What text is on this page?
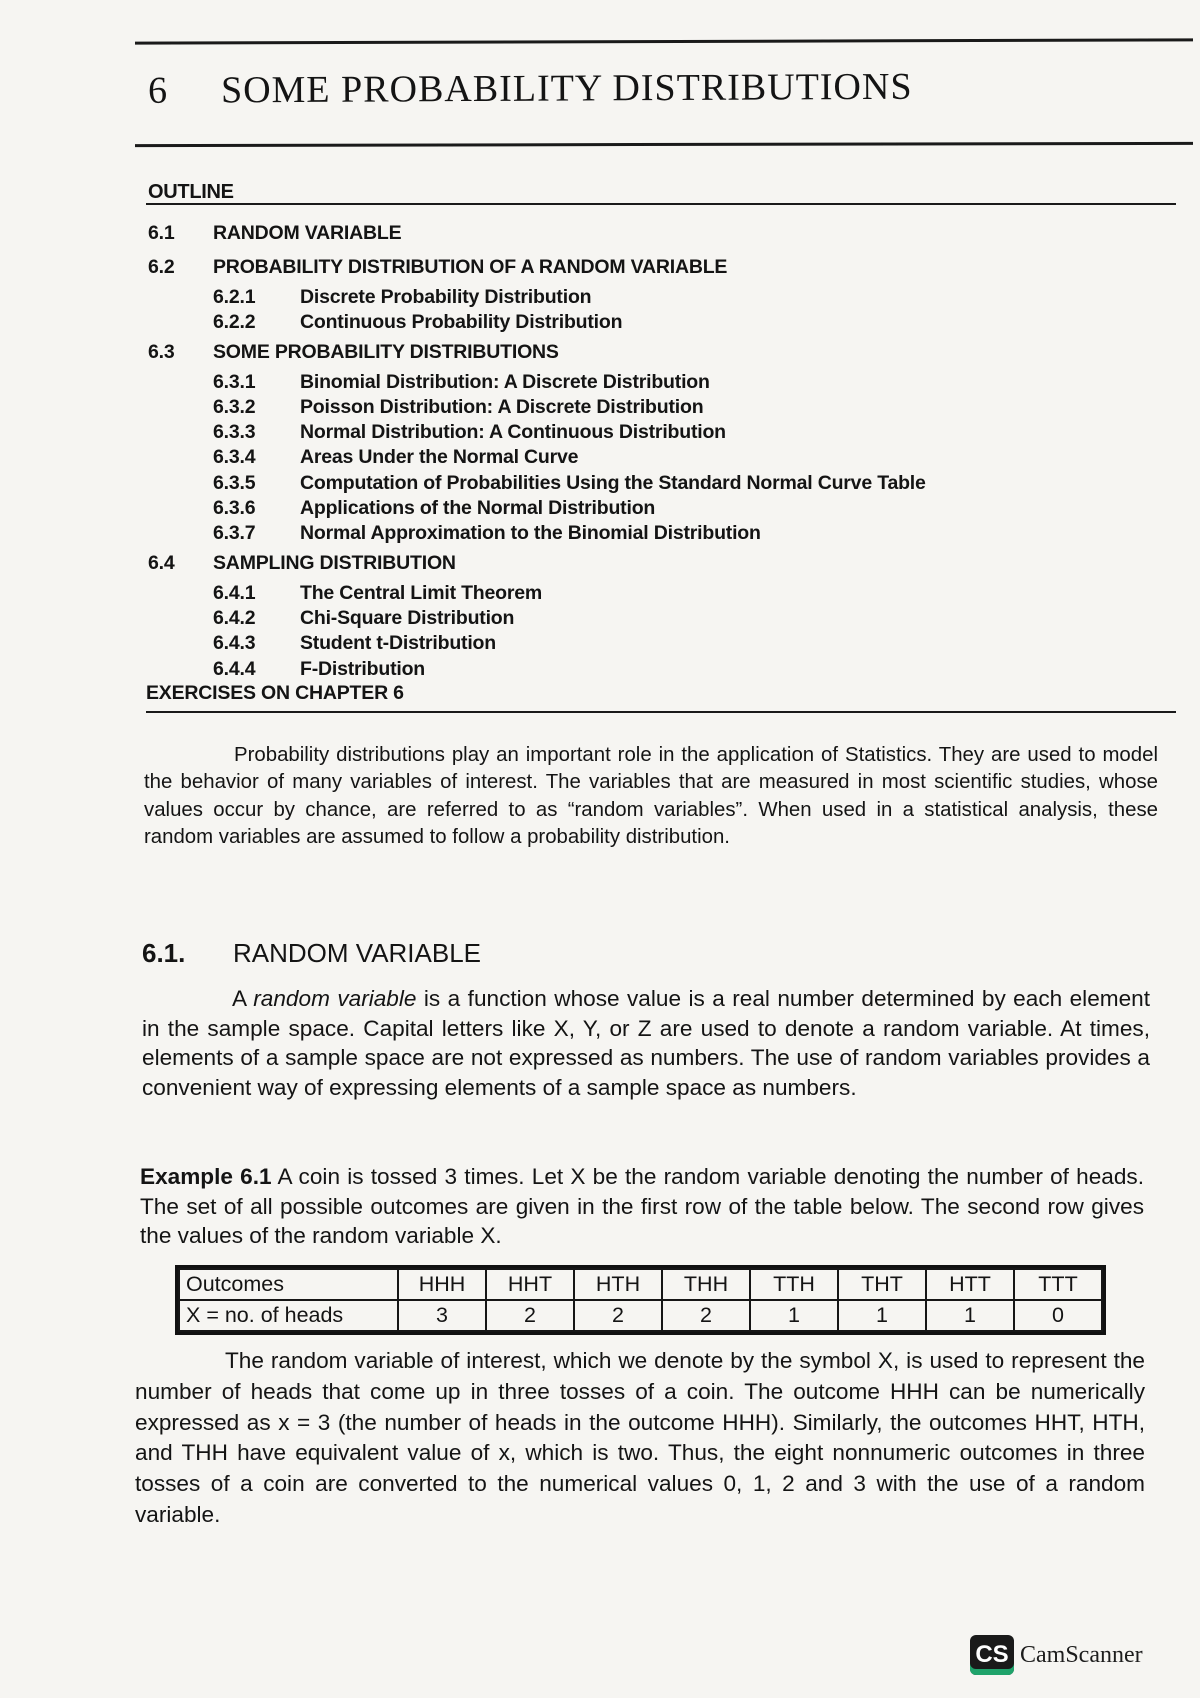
6 SOME PROBABILITY DISTRIBUTIONS
OUTLINE
6.1 RANDOM VARIABLE
6.2 PROBABILITY DISTRIBUTION OF A RANDOM VARIABLE
6.2.1 Discrete Probability Distribution
6.2.2 Continuous Probability Distribution
6.3 SOME PROBABILITY DISTRIBUTIONS
6.3.1 Binomial Distribution: A Discrete Distribution
6.3.2 Poisson Distribution: A Discrete Distribution
6.3.3 Normal Distribution: A Continuous Distribution
6.3.4 Areas Under the Normal Curve
6.3.5 Computation of Probabilities Using the Standard Normal Curve Table
6.3.6 Applications of the Normal Distribution
6.3.7 Normal Approximation to the Binomial Distribution
6.4 SAMPLING DISTRIBUTION
6.4.1 The Central Limit Theorem
6.4.2 Chi-Square Distribution
6.4.3 Student t-Distribution
6.4.4 F-Distribution
EXERCISES ON CHAPTER 6

Probability distributions play an important role in the application of Statistics. They are used to model the behavior of many variables of interest. The variables that are measured in most scientific studies, whose values occur by chance, are referred to as “random variables”. When used in a statistical analysis, these random variables are assumed to follow a probability distribution.

6.1. RANDOM VARIABLE

A random variable is a function whose value is a real number determined by each element in the sample space. Capital letters like X, Y, or Z are used to denote a random variable. At times, elements of a sample space are not expressed as numbers. The use of random variables provides a convenient way of expressing elements of a sample space as numbers.

Example 6.1 A coin is tossed 3 times. Let X be the random variable denoting the number of heads. The set of all possible outcomes are given in the first row of the table below. The second row gives the values of the random variable X.

Outcomes	HHH	HHT	HTH	THH	TTH	THT	HTT	TTT
X = no. of heads	3	2	2	2	1	1	1	0

The random variable of interest, which we denote by the symbol X, is used to represent the number of heads that come up in three tosses of a coin. The outcome HHH can be numerically expressed as x = 3 (the number of heads in the outcome HHH). Similarly, the outcomes HHT, HTH, and THH have equivalent value of x, which is two. Thus, the eight nonnumeric outcomes in three tosses of a coin are converted to the numerical values 0, 1, 2 and 3 with the use of a random variable.

CS CamScanner
